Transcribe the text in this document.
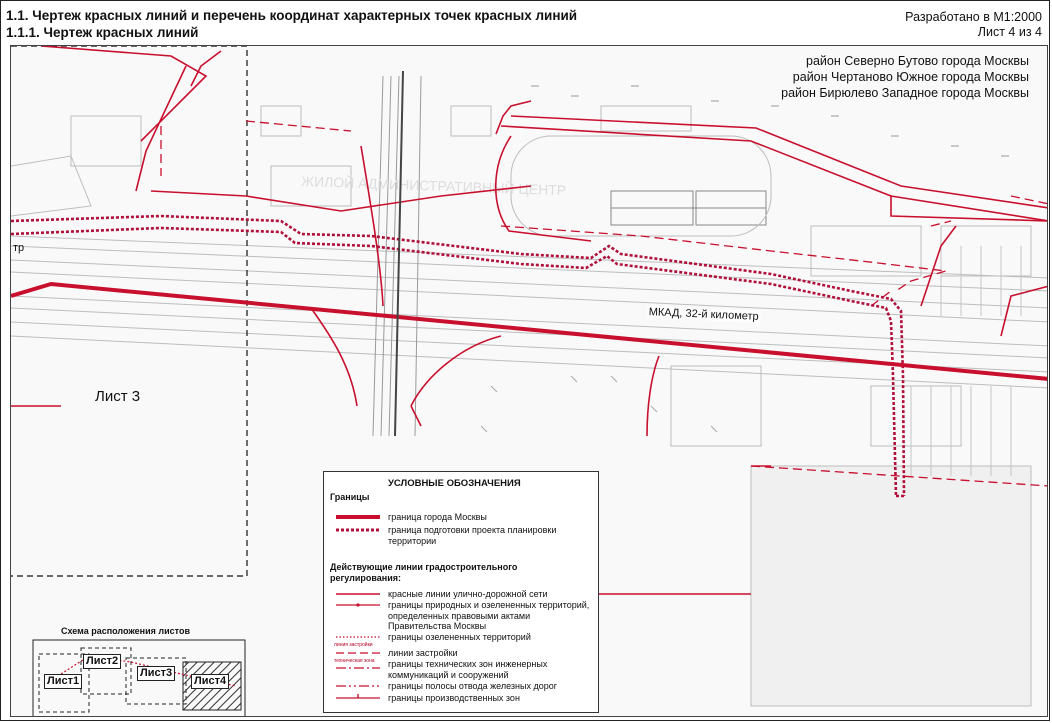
1.1. Чертеж красных линий и перечень координат характерных точек красных линий
1.1.1. Чертеж красных линий
Разработано в М1:2000
Лист 4 из 4
ЖИЛОЙ АДМИНИСТРАТИВНЫЙ ЦЕНТР
район Северно Бутово города Москвы
район Чертаново Южное города Москвы
район Бирюлево Западное города Москвы
Лист 3
МКАД, 32-й километр
тр
УСЛОВНЫЕ ОБОЗНАЧЕНИЯ
Границы
граница города Москвы
граница подготовки проекта планировки территории
Действующие линии градостроительного регулирования:
красные линии улично-дорожной сети
границы природных и озелененных территорий, определенных правовыми актами Правительства Москвы
границы озелененных территорий
линия застройки
линии застройки
техническая зона границы технических зон инженерных коммуникаций и сооружений
границы полосы отвода железных дорог
границы производственных зон
Схема расположения листов
Лист2
Лист1
Лист3
Лист4
